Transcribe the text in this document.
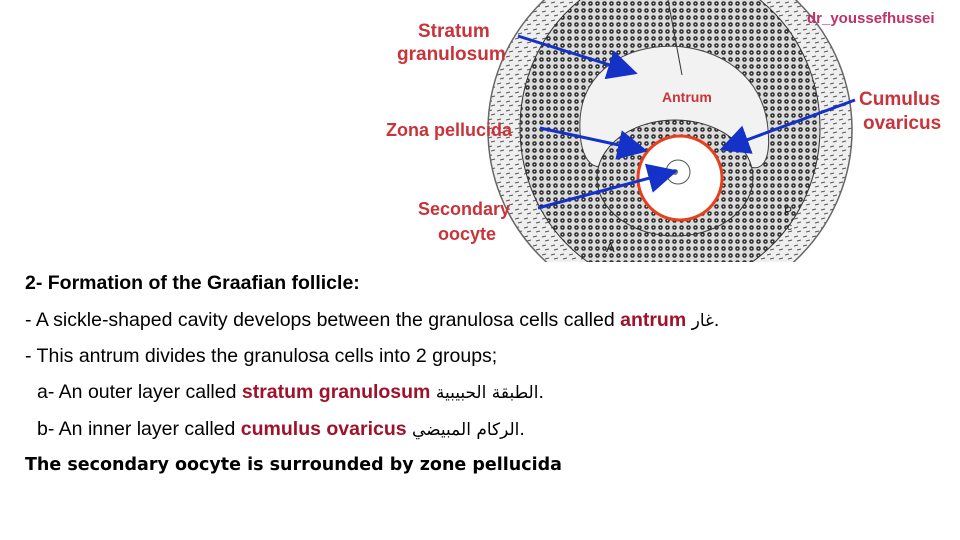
Stratum
granulosum
Zona pellucida
Secondary
oocyte
Antrum	Cumulus
ovaricus
dr_youssefhussei
A
P
c
2- Formation of the Graafian follicle:
- A sickle-shaped cavity develops between the granulosa cells called antrum غار.
- This antrum divides the granulosa cells into 2 groups;
a- An outer layer called stratum granulosum الطبقة الحبيبية.
b- An inner layer called cumulus ovaricus الركام المبيضي.
The secondary oocyte is surrounded by zone pellucida
